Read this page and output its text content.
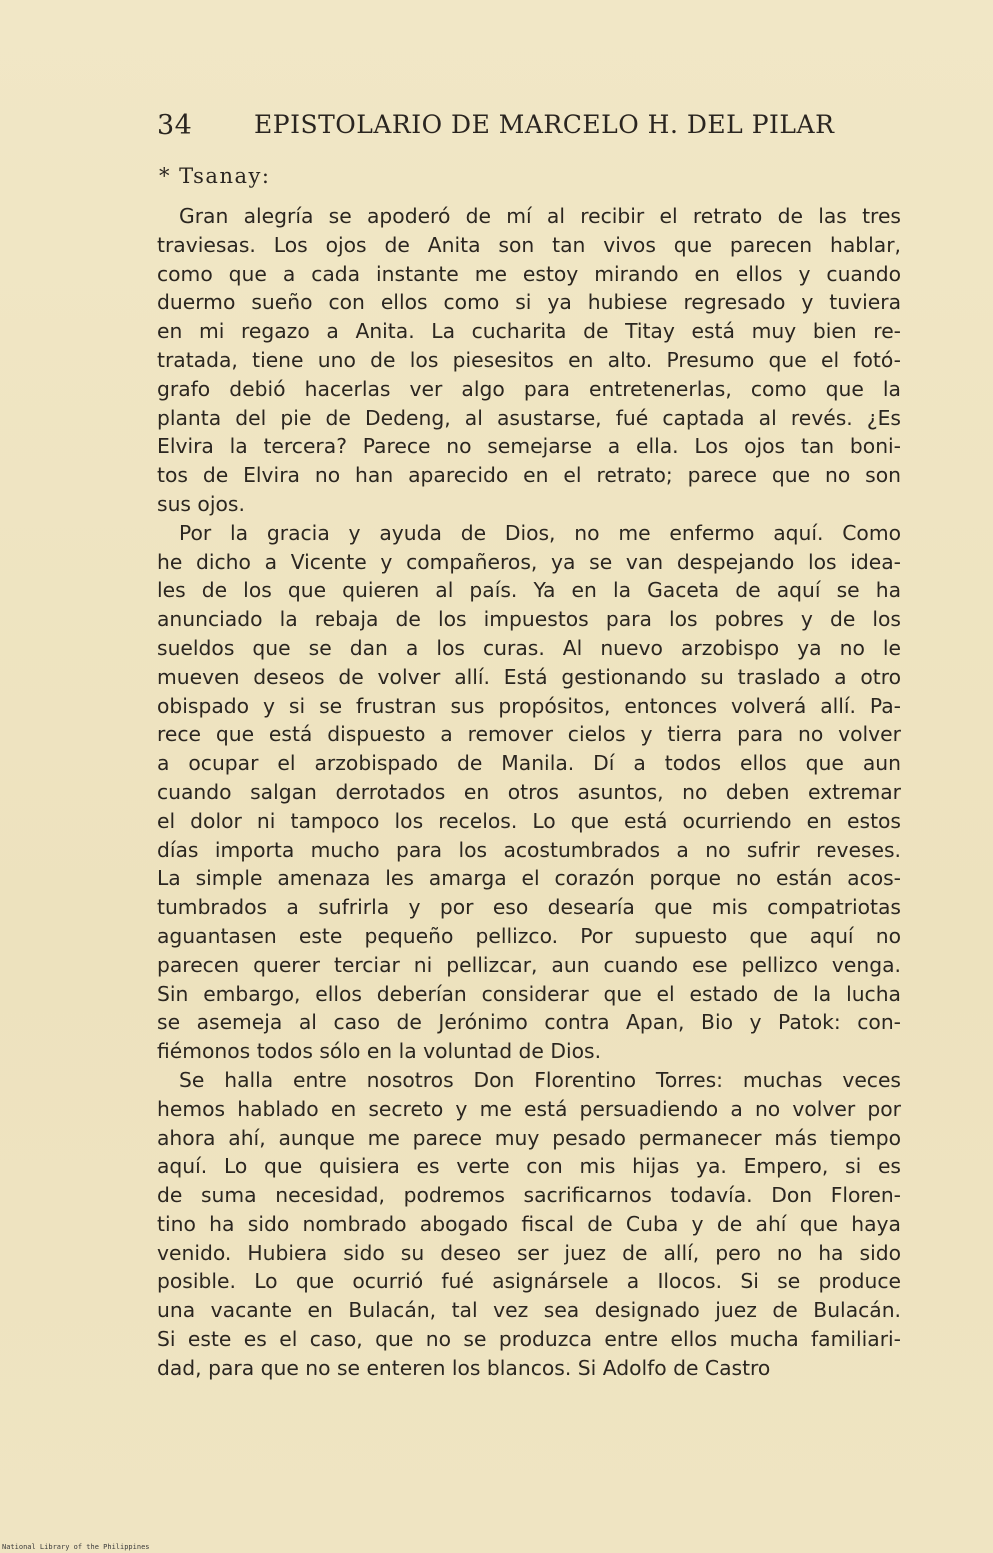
34 EPISTOLARIO DE MARCELO H. DEL PILAR
* Tsanay:
Gran alegría se apoderó de mí al recibir el retrato de las tres
traviesas. Los ojos de Anita son tan vivos que parecen hablar,
como que a cada instante me estoy mirando en ellos y cuando
duermo sueño con ellos como si ya hubiese regresado y tuviera
en mi regazo a Anita. La cucharita de Titay está muy bien re-
tratada, tiene uno de los piesesitos en alto. Presumo que el fotó-
grafo debió hacerlas ver algo para entretenerlas, como que la
planta del pie de Dedeng, al asustarse, fué captada al revés. ¿Es
Elvira la tercera? Parece no semejarse a ella. Los ojos tan boni-
tos de Elvira no han aparecido en el retrato; parece que no son
sus ojos.
Por la gracia y ayuda de Dios, no me enfermo aquí. Como
he dicho a Vicente y compañeros, ya se van despejando los idea-
les de los que quieren al país. Ya en la Gaceta de aquí se ha
anunciado la rebaja de los impuestos para los pobres y de los
sueldos que se dan a los curas. Al nuevo arzobispo ya no le
mueven deseos de volver allí. Está gestionando su traslado a otro
obispado y si se frustran sus propósitos, entonces volverá allí. Pa-
rece que está dispuesto a remover cielos y tierra para no volver
a ocupar el arzobispado de Manila. Dí a todos ellos que aun
cuando salgan derrotados en otros asuntos, no deben extremar
el dolor ni tampoco los recelos. Lo que está ocurriendo en estos
días importa mucho para los acostumbrados a no sufrir reveses.
La simple amenaza les amarga el corazón porque no están acos-
tumbrados a sufrirla y por eso desearía que mis compatriotas
aguantasen este pequeño pellizco. Por supuesto que aquí no
parecen querer terciar ni pellizcar, aun cuando ese pellizco venga.
Sin embargo, ellos deberían considerar que el estado de la lucha
se asemeja al caso de Jerónimo contra Apan, Bio y Patok: con-
fiémonos todos sólo en la voluntad de Dios.
Se halla entre nosotros Don Florentino Torres: muchas veces
hemos hablado en secreto y me está persuadiendo a no volver por
ahora ahí, aunque me parece muy pesado permanecer más tiempo
aquí. Lo que quisiera es verte con mis hijas ya. Empero, si es
de suma necesidad, podremos sacrificarnos todavía. Don Floren-
tino ha sido nombrado abogado fiscal de Cuba y de ahí que haya
venido. Hubiera sido su deseo ser juez de allí, pero no ha sido
posible. Lo que ocurrió fué asignársele a Ilocos. Si se produce
una vacante en Bulacán, tal vez sea designado juez de Bulacán.
Si este es el caso, que no se produzca entre ellos mucha familiari-
dad, para que no se enteren los blancos. Si Adolfo de Castro
National Library of the Philippines
